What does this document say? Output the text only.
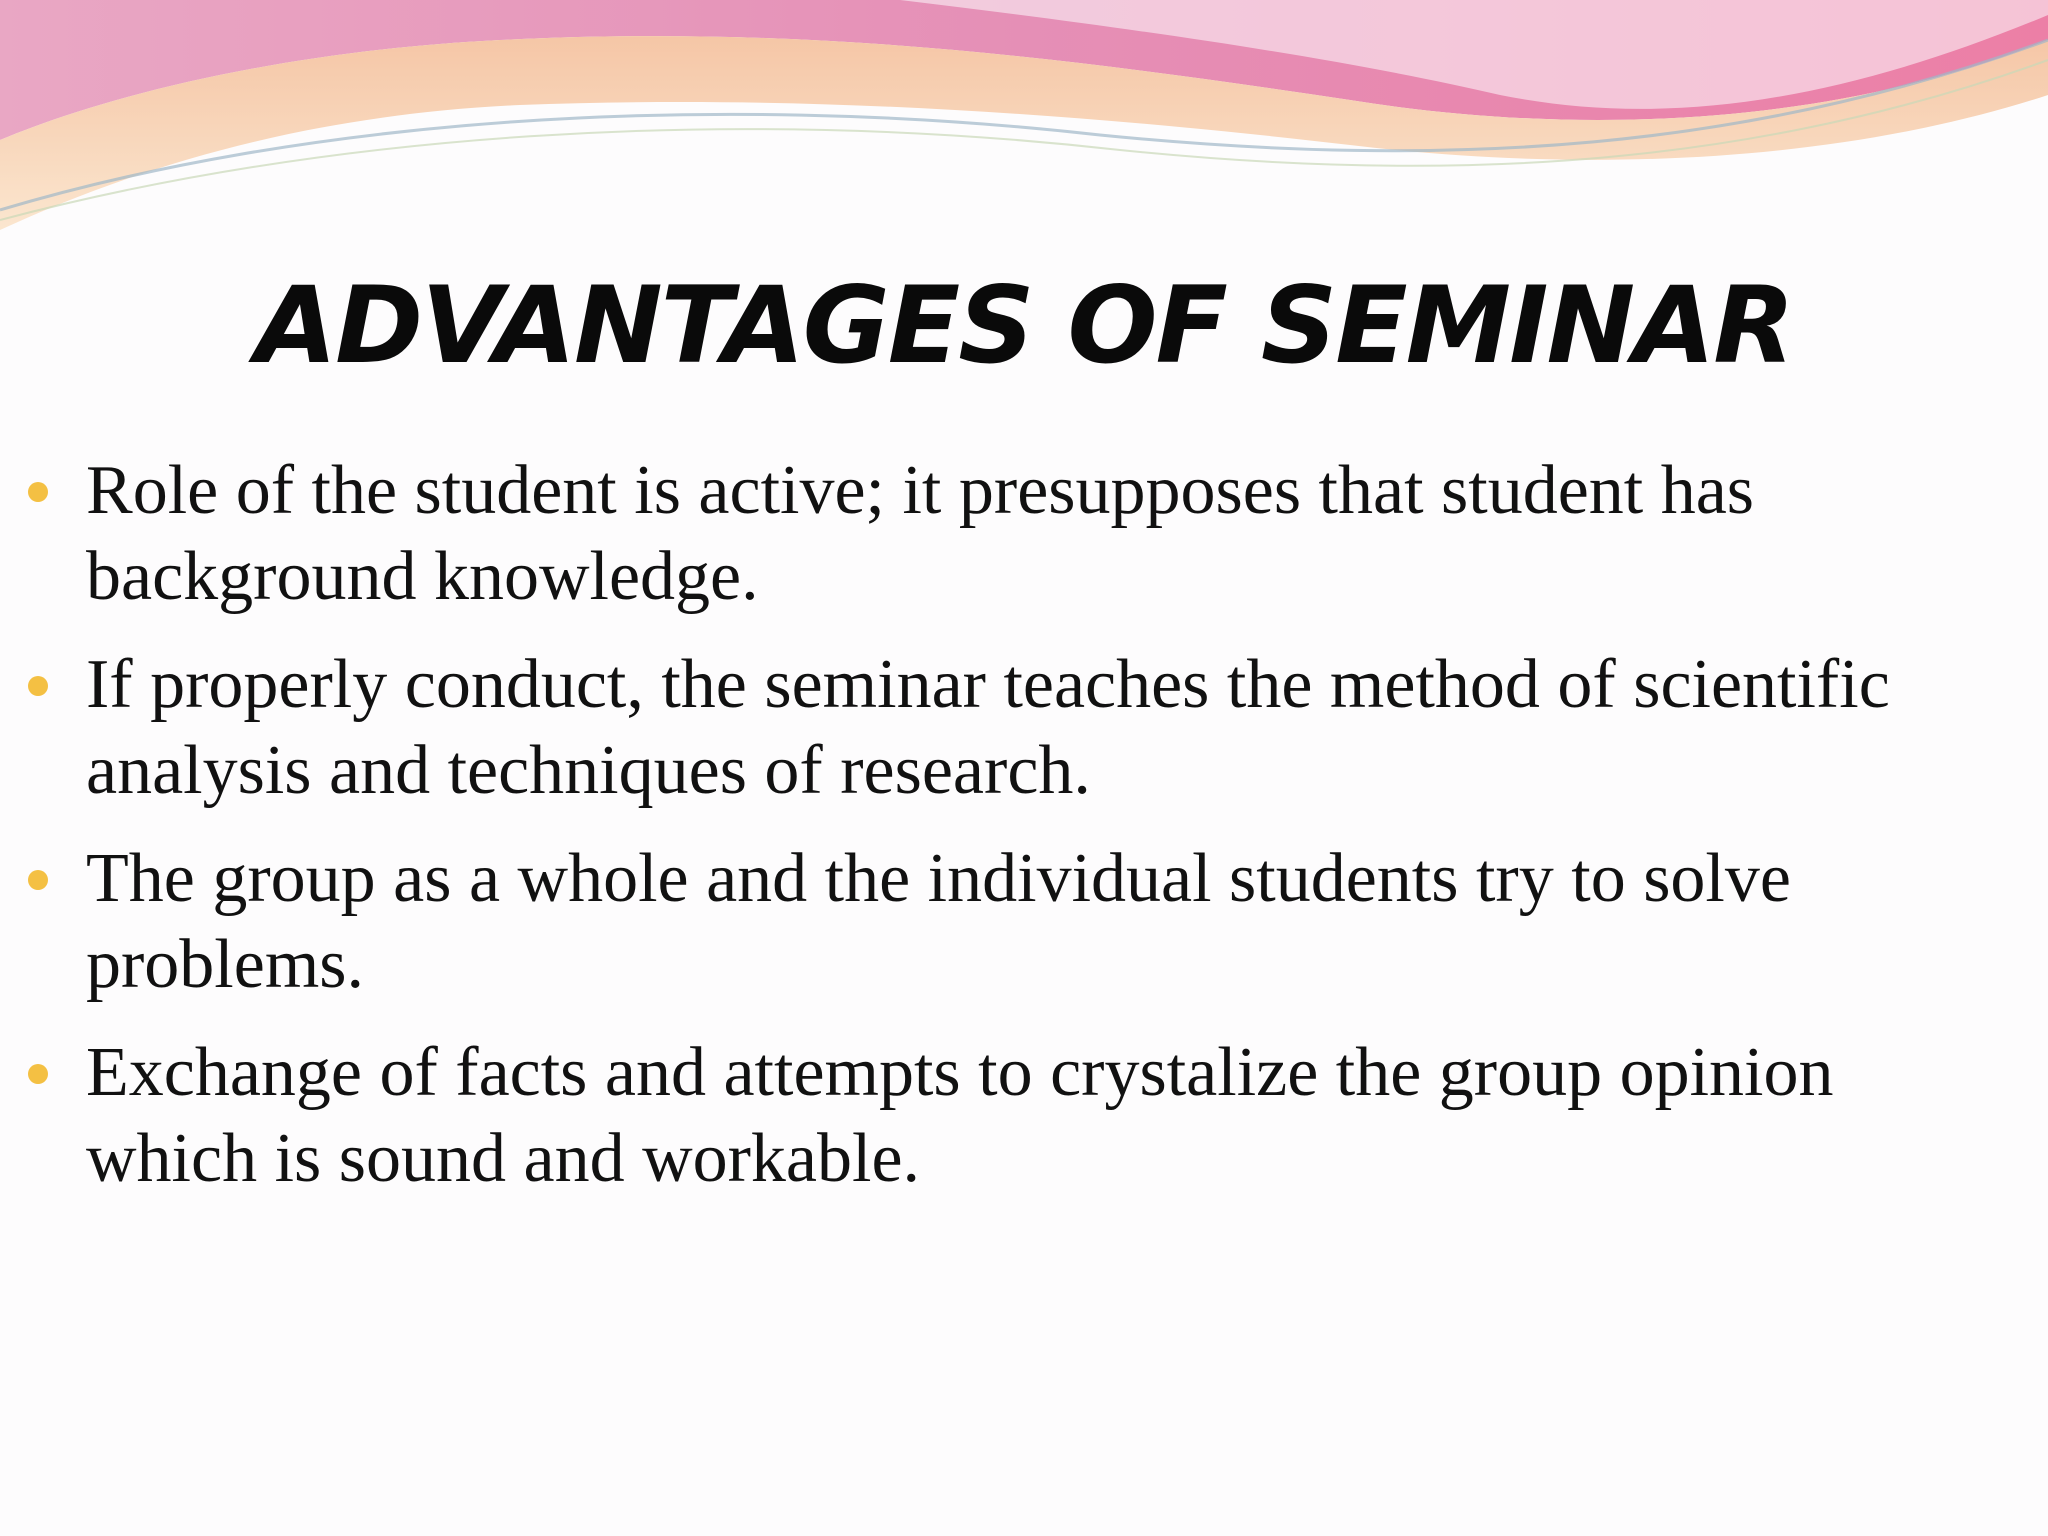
ADVANTAGES OF SEMINAR
Role of the student is active; it presupposes that student has background knowledge.
If properly conduct, the seminar teaches the method of scientific analysis and techniques of research.
The group as a whole and the individual students try to solve problems.
Exchange of facts and attempts to crystalize the group opinion which is sound and workable.
